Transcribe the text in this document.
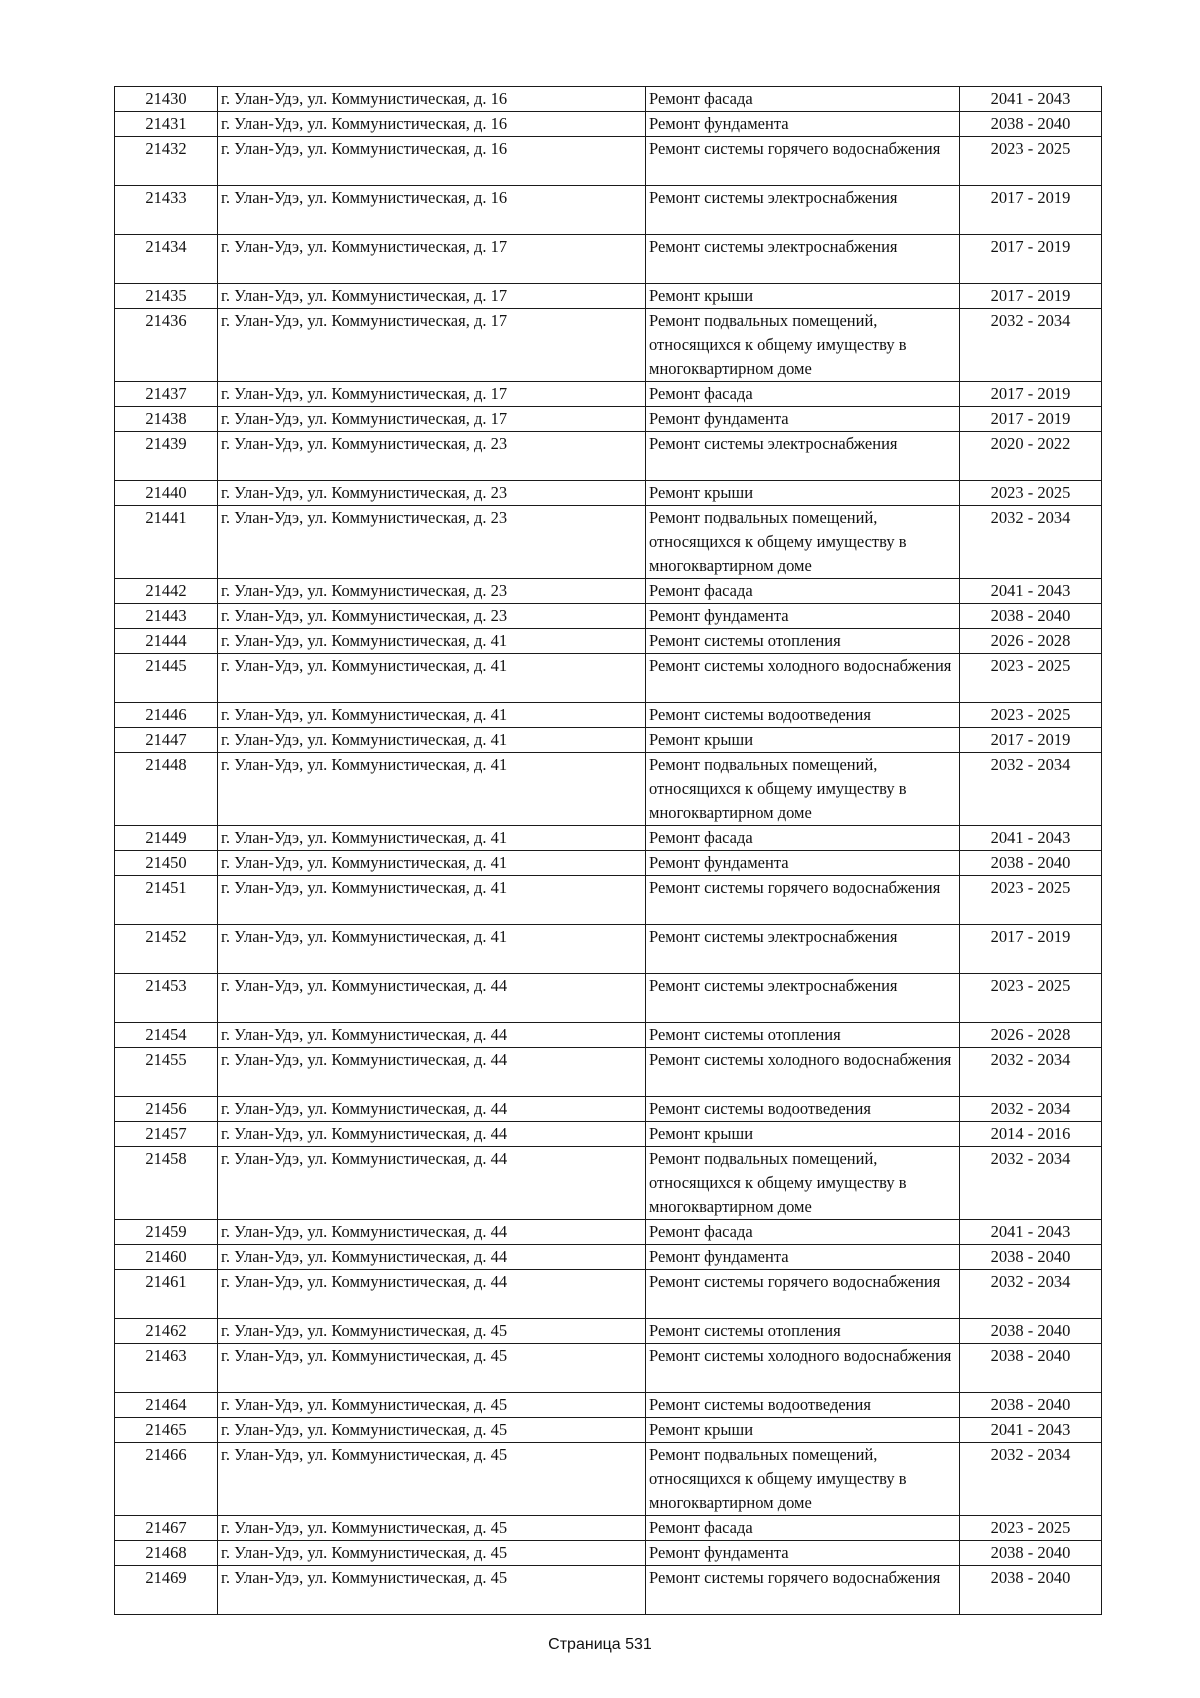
21430	г. Улан-Удэ, ул. Коммунистическая, д. 16	Ремонт фасада	2041 - 2043
21431	г. Улан-Удэ, ул. Коммунистическая, д. 16	Ремонт фундамента	2038 - 2040
21432	г. Улан-Удэ, ул. Коммунистическая, д. 16	Ремонт системы горячего водоснабжения	2023 - 2025
21433	г. Улан-Удэ, ул. Коммунистическая, д. 16	Ремонт системы электроснабжения	2017 - 2019
21434	г. Улан-Удэ, ул. Коммунистическая, д. 17	Ремонт системы электроснабжения	2017 - 2019
21435	г. Улан-Удэ, ул. Коммунистическая, д. 17	Ремонт крыши	2017 - 2019
21436	г. Улан-Удэ, ул. Коммунистическая, д. 17	Ремонт подвальных помещений, относящихся к общему имуществу в многоквартирном доме	2032 - 2034
21437	г. Улан-Удэ, ул. Коммунистическая, д. 17	Ремонт фасада	2017 - 2019
21438	г. Улан-Удэ, ул. Коммунистическая, д. 17	Ремонт фундамента	2017 - 2019
21439	г. Улан-Удэ, ул. Коммунистическая, д. 23	Ремонт системы электроснабжения	2020 - 2022
21440	г. Улан-Удэ, ул. Коммунистическая, д. 23	Ремонт крыши	2023 - 2025
21441	г. Улан-Удэ, ул. Коммунистическая, д. 23	Ремонт подвальных помещений, относящихся к общему имуществу в многоквартирном доме	2032 - 2034
21442	г. Улан-Удэ, ул. Коммунистическая, д. 23	Ремонт фасада	2041 - 2043
21443	г. Улан-Удэ, ул. Коммунистическая, д. 23	Ремонт фундамента	2038 - 2040
21444	г. Улан-Удэ, ул. Коммунистическая, д. 41	Ремонт системы отопления	2026 - 2028
21445	г. Улан-Удэ, ул. Коммунистическая, д. 41	Ремонт системы холодного водоснабжения	2023 - 2025
21446	г. Улан-Удэ, ул. Коммунистическая, д. 41	Ремонт системы водоотведения	2023 - 2025
21447	г. Улан-Удэ, ул. Коммунистическая, д. 41	Ремонт крыши	2017 - 2019
21448	г. Улан-Удэ, ул. Коммунистическая, д. 41	Ремонт подвальных помещений, относящихся к общему имуществу в многоквартирном доме	2032 - 2034
21449	г. Улан-Удэ, ул. Коммунистическая, д. 41	Ремонт фасада	2041 - 2043
21450	г. Улан-Удэ, ул. Коммунистическая, д. 41	Ремонт фундамента	2038 - 2040
21451	г. Улан-Удэ, ул. Коммунистическая, д. 41	Ремонт системы горячего водоснабжения	2023 - 2025
21452	г. Улан-Удэ, ул. Коммунистическая, д. 41	Ремонт системы электроснабжения	2017 - 2019
21453	г. Улан-Удэ, ул. Коммунистическая, д. 44	Ремонт системы электроснабжения	2023 - 2025
21454	г. Улан-Удэ, ул. Коммунистическая, д. 44	Ремонт системы отопления	2026 - 2028
21455	г. Улан-Удэ, ул. Коммунистическая, д. 44	Ремонт системы холодного водоснабжения	2032 - 2034
21456	г. Улан-Удэ, ул. Коммунистическая, д. 44	Ремонт системы водоотведения	2032 - 2034
21457	г. Улан-Удэ, ул. Коммунистическая, д. 44	Ремонт крыши	2014 - 2016
21458	г. Улан-Удэ, ул. Коммунистическая, д. 44	Ремонт подвальных помещений, относящихся к общему имуществу в многоквартирном доме	2032 - 2034
21459	г. Улан-Удэ, ул. Коммунистическая, д. 44	Ремонт фасада	2041 - 2043
21460	г. Улан-Удэ, ул. Коммунистическая, д. 44	Ремонт фундамента	2038 - 2040
21461	г. Улан-Удэ, ул. Коммунистическая, д. 44	Ремонт системы горячего водоснабжения	2032 - 2034
21462	г. Улан-Удэ, ул. Коммунистическая, д. 45	Ремонт системы отопления	2038 - 2040
21463	г. Улан-Удэ, ул. Коммунистическая, д. 45	Ремонт системы холодного водоснабжения	2038 - 2040
21464	г. Улан-Удэ, ул. Коммунистическая, д. 45	Ремонт системы водоотведения	2038 - 2040
21465	г. Улан-Удэ, ул. Коммунистическая, д. 45	Ремонт крыши	2041 - 2043
21466	г. Улан-Удэ, ул. Коммунистическая, д. 45	Ремонт подвальных помещений, относящихся к общему имуществу в многоквартирном доме	2032 - 2034
21467	г. Улан-Удэ, ул. Коммунистическая, д. 45	Ремонт фасада	2023 - 2025
21468	г. Улан-Удэ, ул. Коммунистическая, д. 45	Ремонт фундамента	2038 - 2040
21469	г. Улан-Удэ, ул. Коммунистическая, д. 45	Ремонт системы горячего водоснабжения	2038 - 2040
Страница 531
